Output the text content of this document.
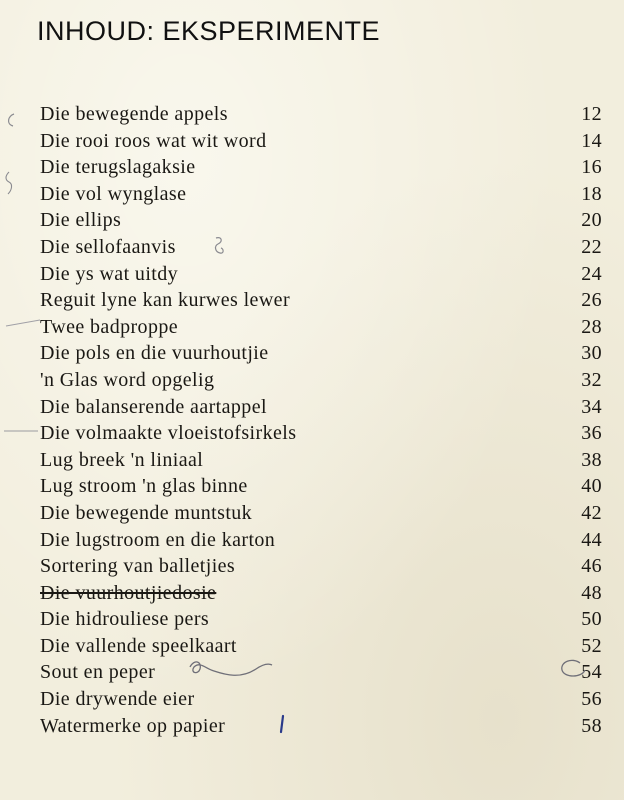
INHOUD: EKSPERIMENTE
Die bewegende appels	12
Die rooi roos wat wit word	14
Die terugslagaksie	16
Die vol wynglase	18
Die ellips	20
Die sellofaanvis	22
Die ys wat uitdy	24
Reguit lyne kan kurwes lewer	26
Twee badproppe	28
Die pols en die vuurhoutjie	30
'n Glas word opgelig	32
Die balanserende aartappel	34
Die volmaakte vloeistofsirkels	36
Lug breek 'n liniaal	38
Lug stroom 'n glas binne	40
Die bewegende muntstuk	42
Die lugstroom en die karton	44
Sortering van balletjies	46
Die vuurhoutjiedosie	48
Die hidrouliese pers	50
Die vallende speelkaart	52
Sout en peper	54
Die drywende eier	56
Watermerke op papier	58
